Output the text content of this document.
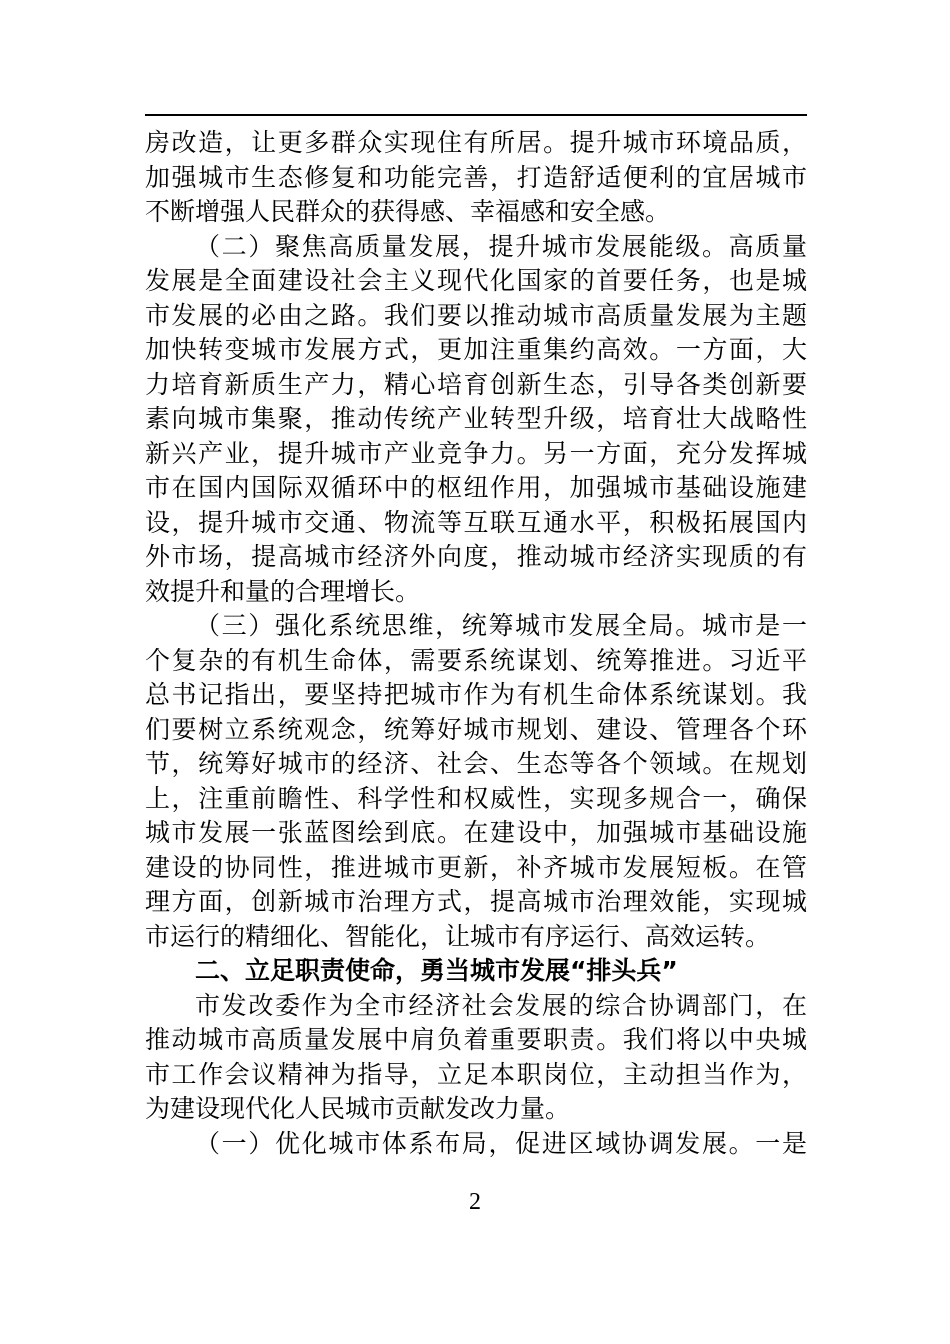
房改造，让更多群众实现住有所居。提升城市环境品质，
加强城市生态修复和功能完善，打造舒适便利的宜居城市
不断增强人民群众的获得感、幸福感和安全感。
（二）聚焦高质量发展，提升城市发展能级。高质量
发展是全面建设社会主义现代化国家的首要任务，也是城
市发展的必由之路。我们要以推动城市高质量发展为主题
加快转变城市发展方式，更加注重集约高效。一方面，大
力培育新质生产力，精心培育创新生态，引导各类创新要
素向城市集聚，推动传统产业转型升级，培育壮大战略性
新兴产业，提升城市产业竞争力。另一方面，充分发挥城
市在国内国际双循环中的枢纽作用，加强城市基础设施建
设，提升城市交通、物流等互联互通水平，积极拓展国内
外市场，提高城市经济外向度，推动城市经济实现质的有
效提升和量的合理增长。
（三）强化系统思维，统筹城市发展全局。城市是一
个复杂的有机生命体，需要系统谋划、统筹推进。习近平
总书记指出，要坚持把城市作为有机生命体系统谋划。我
们要树立系统观念，统筹好城市规划、建设、管理各个环
节，统筹好城市的经济、社会、生态等各个领域。在规划
上，注重前瞻性、科学性和权威性，实现多规合一，确保
城市发展一张蓝图绘到底。在建设中，加强城市基础设施
建设的协同性，推进城市更新，补齐城市发展短板。在管
理方面，创新城市治理方式，提高城市治理效能，实现城
市运行的精细化、智能化，让城市有序运行、高效运转。
二、立足职责使命，勇当城市发展“排头兵”
市发改委作为全市经济社会发展的综合协调部门，在
推动城市高质量发展中肩负着重要职责。我们将以中央城
市工作会议精神为指导，立足本职岗位，主动担当作为，
为建设现代化人民城市贡献发改力量。
（一）优化城市体系布局，促进区域协调发展。一是
2
